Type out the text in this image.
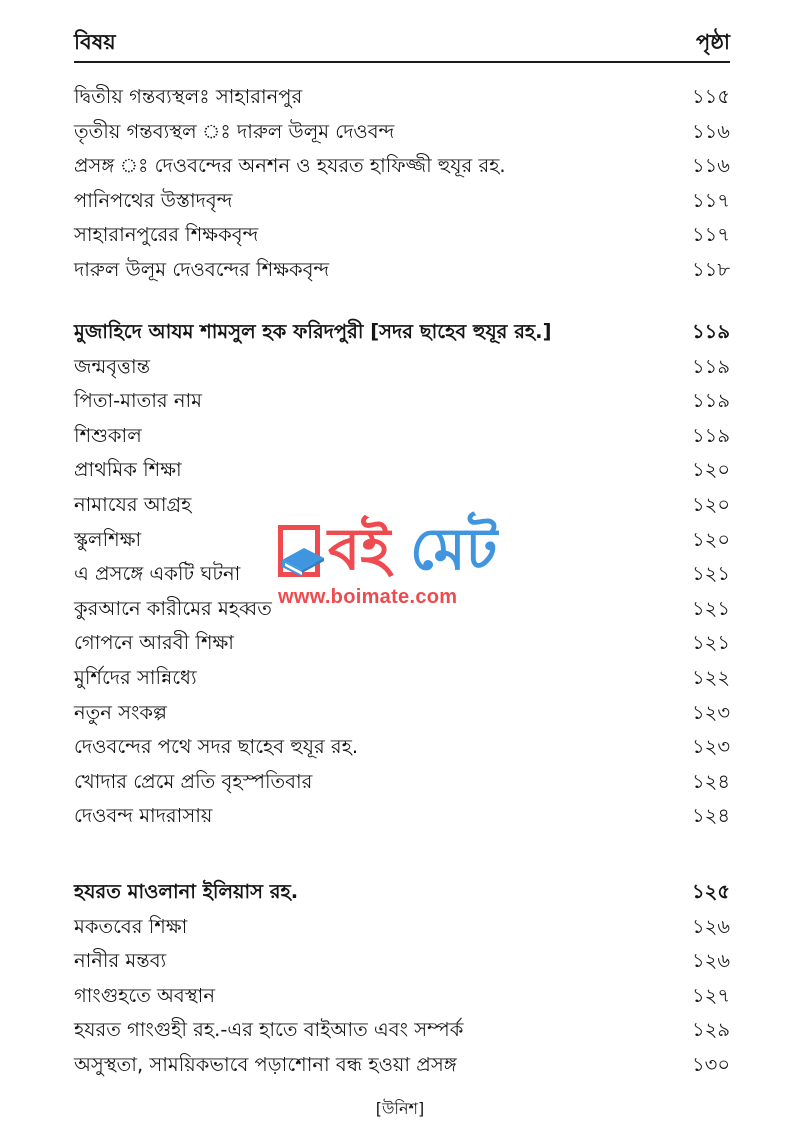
বিষয়	পৃষ্ঠা
দ্বিতীয় গন্তব্যস্থলঃ সাহারানপুর	১১৫
তৃতীয় গন্তব্যস্থল ঃ দারুল উলূম দেওবন্দ	১১৬
প্রসঙ্গ ঃ দেওবন্দের অনশন ও হযরত হাফিজ্জী হুযূর রহ.	১১৬
পানিপথের উস্তাদবৃন্দ	১১৭
সাহারানপুরের শিক্ষকবৃন্দ	১১৭
দারুল উলূম দেওবন্দের শিক্ষকবৃন্দ	১১৮
মুজাহিদে আযম শামসুল হক ফরিদপুরী [সদর ছাহেব হুযূর রহ.]	১১৯
জন্মবৃত্তান্ত	১১৯
পিতা-মাতার নাম	১১৯
শিশুকাল	১১৯
প্রাথমিক শিক্ষা	১২০
নামাযের আগ্রহ	১২০
স্কুলশিক্ষা	১২০
এ প্রসঙ্গে একটি ঘটনা	১২১
কুরআনে কারীমের মহব্বত	১২১
গোপনে আরবী শিক্ষা	১২১
মুর্শিদের সান্নিধ্যে	১২২
নতুন সংকল্প	১২৩
দেওবন্দের পথে সদর ছাহেব হুযূর রহ.	১২৩
খোদার প্রেমে প্রতি বৃহস্পতিবার	১২৪
দেওবন্দ মাদরাসায়	১২৪
হযরত মাওলানা ইলিয়াস রহ.	১২৫
মকতবের শিক্ষা	১২৬
নানীর মন্তব্য	১২৬
গাংগুহতে অবস্থান	১২৭
হযরত গাংগুহী রহ.-এর হাতে বাইআত এবং সম্পর্ক	১২৯
অসুস্থতা, সাময়িকভাবে পড়াশোনা বন্ধ হওয়া প্রসঙ্গ	১৩০
[উনিশ]
বই মেট
www.boimate.com
